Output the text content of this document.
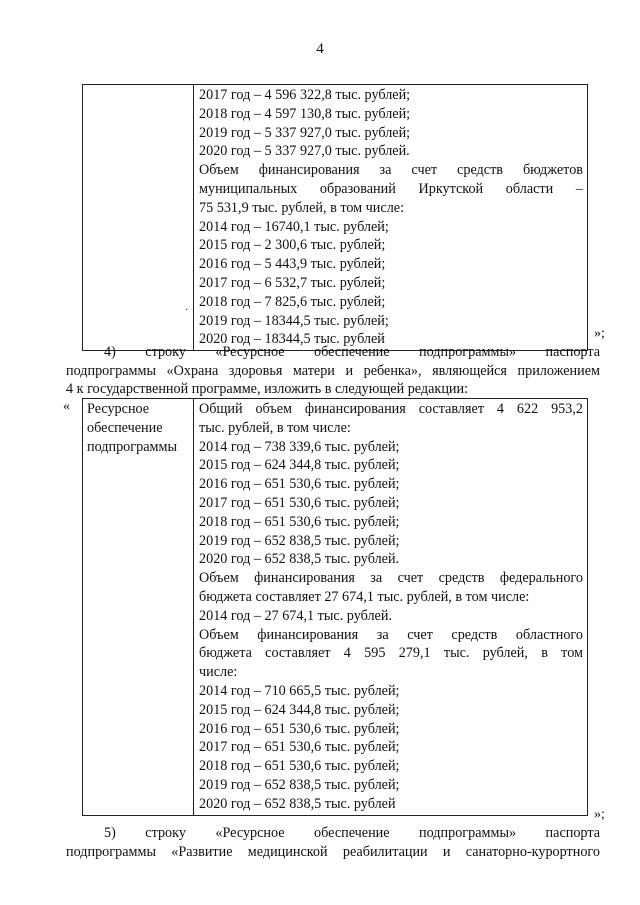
4

2017 год – 4 596 322,8 тыс. рублей;
2018 год – 4 597 130,8 тыс. рублей;
2019 год – 5 337 927,0 тыс. рублей;
2020 год – 5 337 927,0 тыс. рублей.
Объем финансирования за счет средств бюджетов
муниципальных образований Иркутской области –
75 531,9 тыс. рублей, в том числе:
2014 год – 16740,1 тыс. рублей;
2015 год – 2 300,6 тыс. рублей;
2016 год – 5 443,9 тыс. рублей;
2017 год – 6 532,7 тыс. рублей;
2018 год – 7 825,6 тыс. рублей;
2019 год – 18344,5 тыс. рублей;
2020 год – 18344,5 тыс. рублей
·
»;
4) строку «Ресурсное обеспечение подпрограммы» паспорта
подпрограммы «Охрана здоровья матери и ребенка», являющейся приложением
4 к государственной программе, изложить в следующей редакции:
« Ресурсное
обеспечение
подпрограммы

Общий объем финансирования составляет 4 622 953,2
тыс. рублей, в том числе:
2014 год – 738 339,6 тыс. рублей;
2015 год – 624 344,8 тыс. рублей;
2016 год – 651 530,6 тыс. рублей;
2017 год – 651 530,6 тыс. рублей;
2018 год – 651 530,6 тыс. рублей;
2019 год – 652 838,5 тыс. рублей;
2020 год – 652 838,5 тыс. рублей.
Объем финансирования за счет средств федерального
бюджета составляет 27 674,1 тыс. рублей, в том числе:
2014 год – 27 674,1 тыс. рублей.
Объем финансирования за счет средств областного
бюджета составляет 4 595 279,1 тыс. рублей, в том
числе:
2014 год – 710 665,5 тыс. рублей;
2015 год – 624 344,8 тыс. рублей;
2016 год – 651 530,6 тыс. рублей;
2017 год – 651 530,6 тыс. рублей;
2018 год – 651 530,6 тыс. рублей;
2019 год – 652 838,5 тыс. рублей;
2020 год – 652 838,5 тыс. рублей
»;
5) строку «Ресурсное обеспечение подпрограммы» паспорта
подпрограммы «Развитие медицинской реабилитации и санаторно-курортного
